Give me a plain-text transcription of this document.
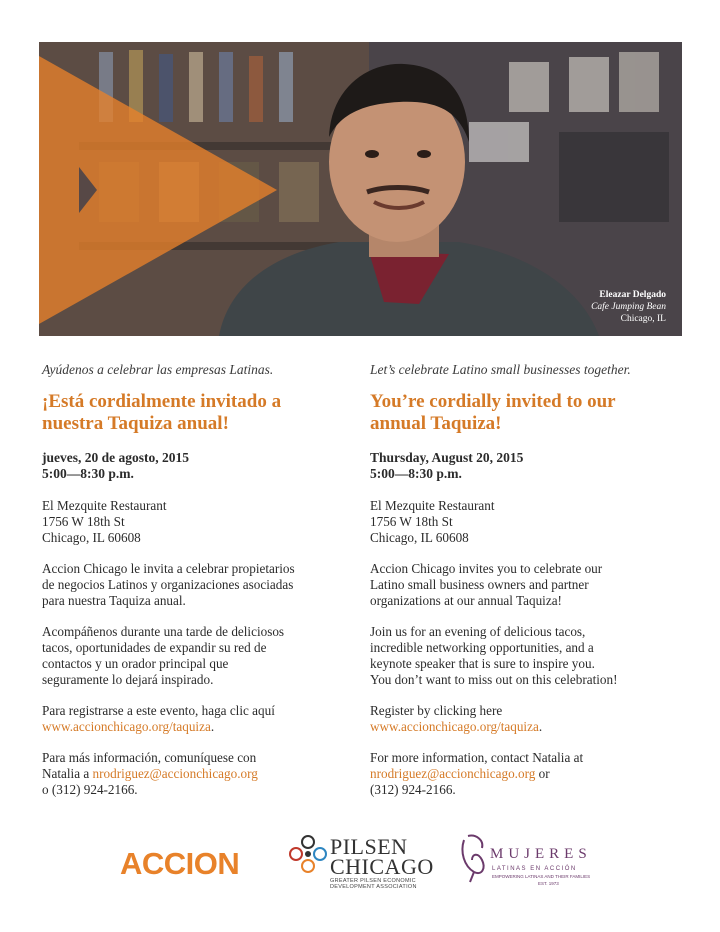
Eleazar Delgado
Cafe Jumping Bean
Chicago, IL

Ayúdenos a celebrar las empresas Latinas.

¡Está cordialmente invitado a
nuestra Taquiza anual!
jueves, 20 de agosto, 2015
5:00—8:30 p.m.
El Mezquite Restaurant
1756 W 18th St
Chicago, IL 60608
Accion Chicago le invita a celebrar propietarios
de negocios Latinos y organizaciones asociadas
para nuestra Taquiza anual.
Acompáñenos durante una tarde de deliciosos
tacos, oportunidades de expandir su red de
contactos y un orador principal que
seguramente lo dejará inspirado.
Para registrarse a este evento, haga clic aquí
www.accionchicago.org/taquiza.
Para más información, comuníquese con
Natalia a nrodriguez@accionchicago.org
o (312) 924-2166.

Let’s celebrate Latino small businesses together.

You’re cordially invited to our
annual Taquiza!
Thursday, August 20, 2015
5:00—8:30 p.m.
El Mezquite Restaurant
1756 W 18th St
Chicago, IL 60608
Accion Chicago invites you to celebrate our
Latino small business owners and partner
organizations at our annual Taquiza!
Join us for an evening of delicious tacos,
incredible networking opportunities, and a
keynote speaker that is sure to inspire you.
You don’t want to miss out on this celebration!
Register by clicking here
www.accionchicago.org/taquiza.
For more information, contact Natalia at
nrodriguez@accionchicago.org or
(312) 924-2166.
ACCION	PILSEN
CHICAGO
GREATER PILSEN ECONOMIC DEVELOPMENT ASSOCIATION
MUJERES
LATINAS EN ACCIÓN
EMPOWERING LATINAS AND THEIR FAMILIES
EST. 1973
